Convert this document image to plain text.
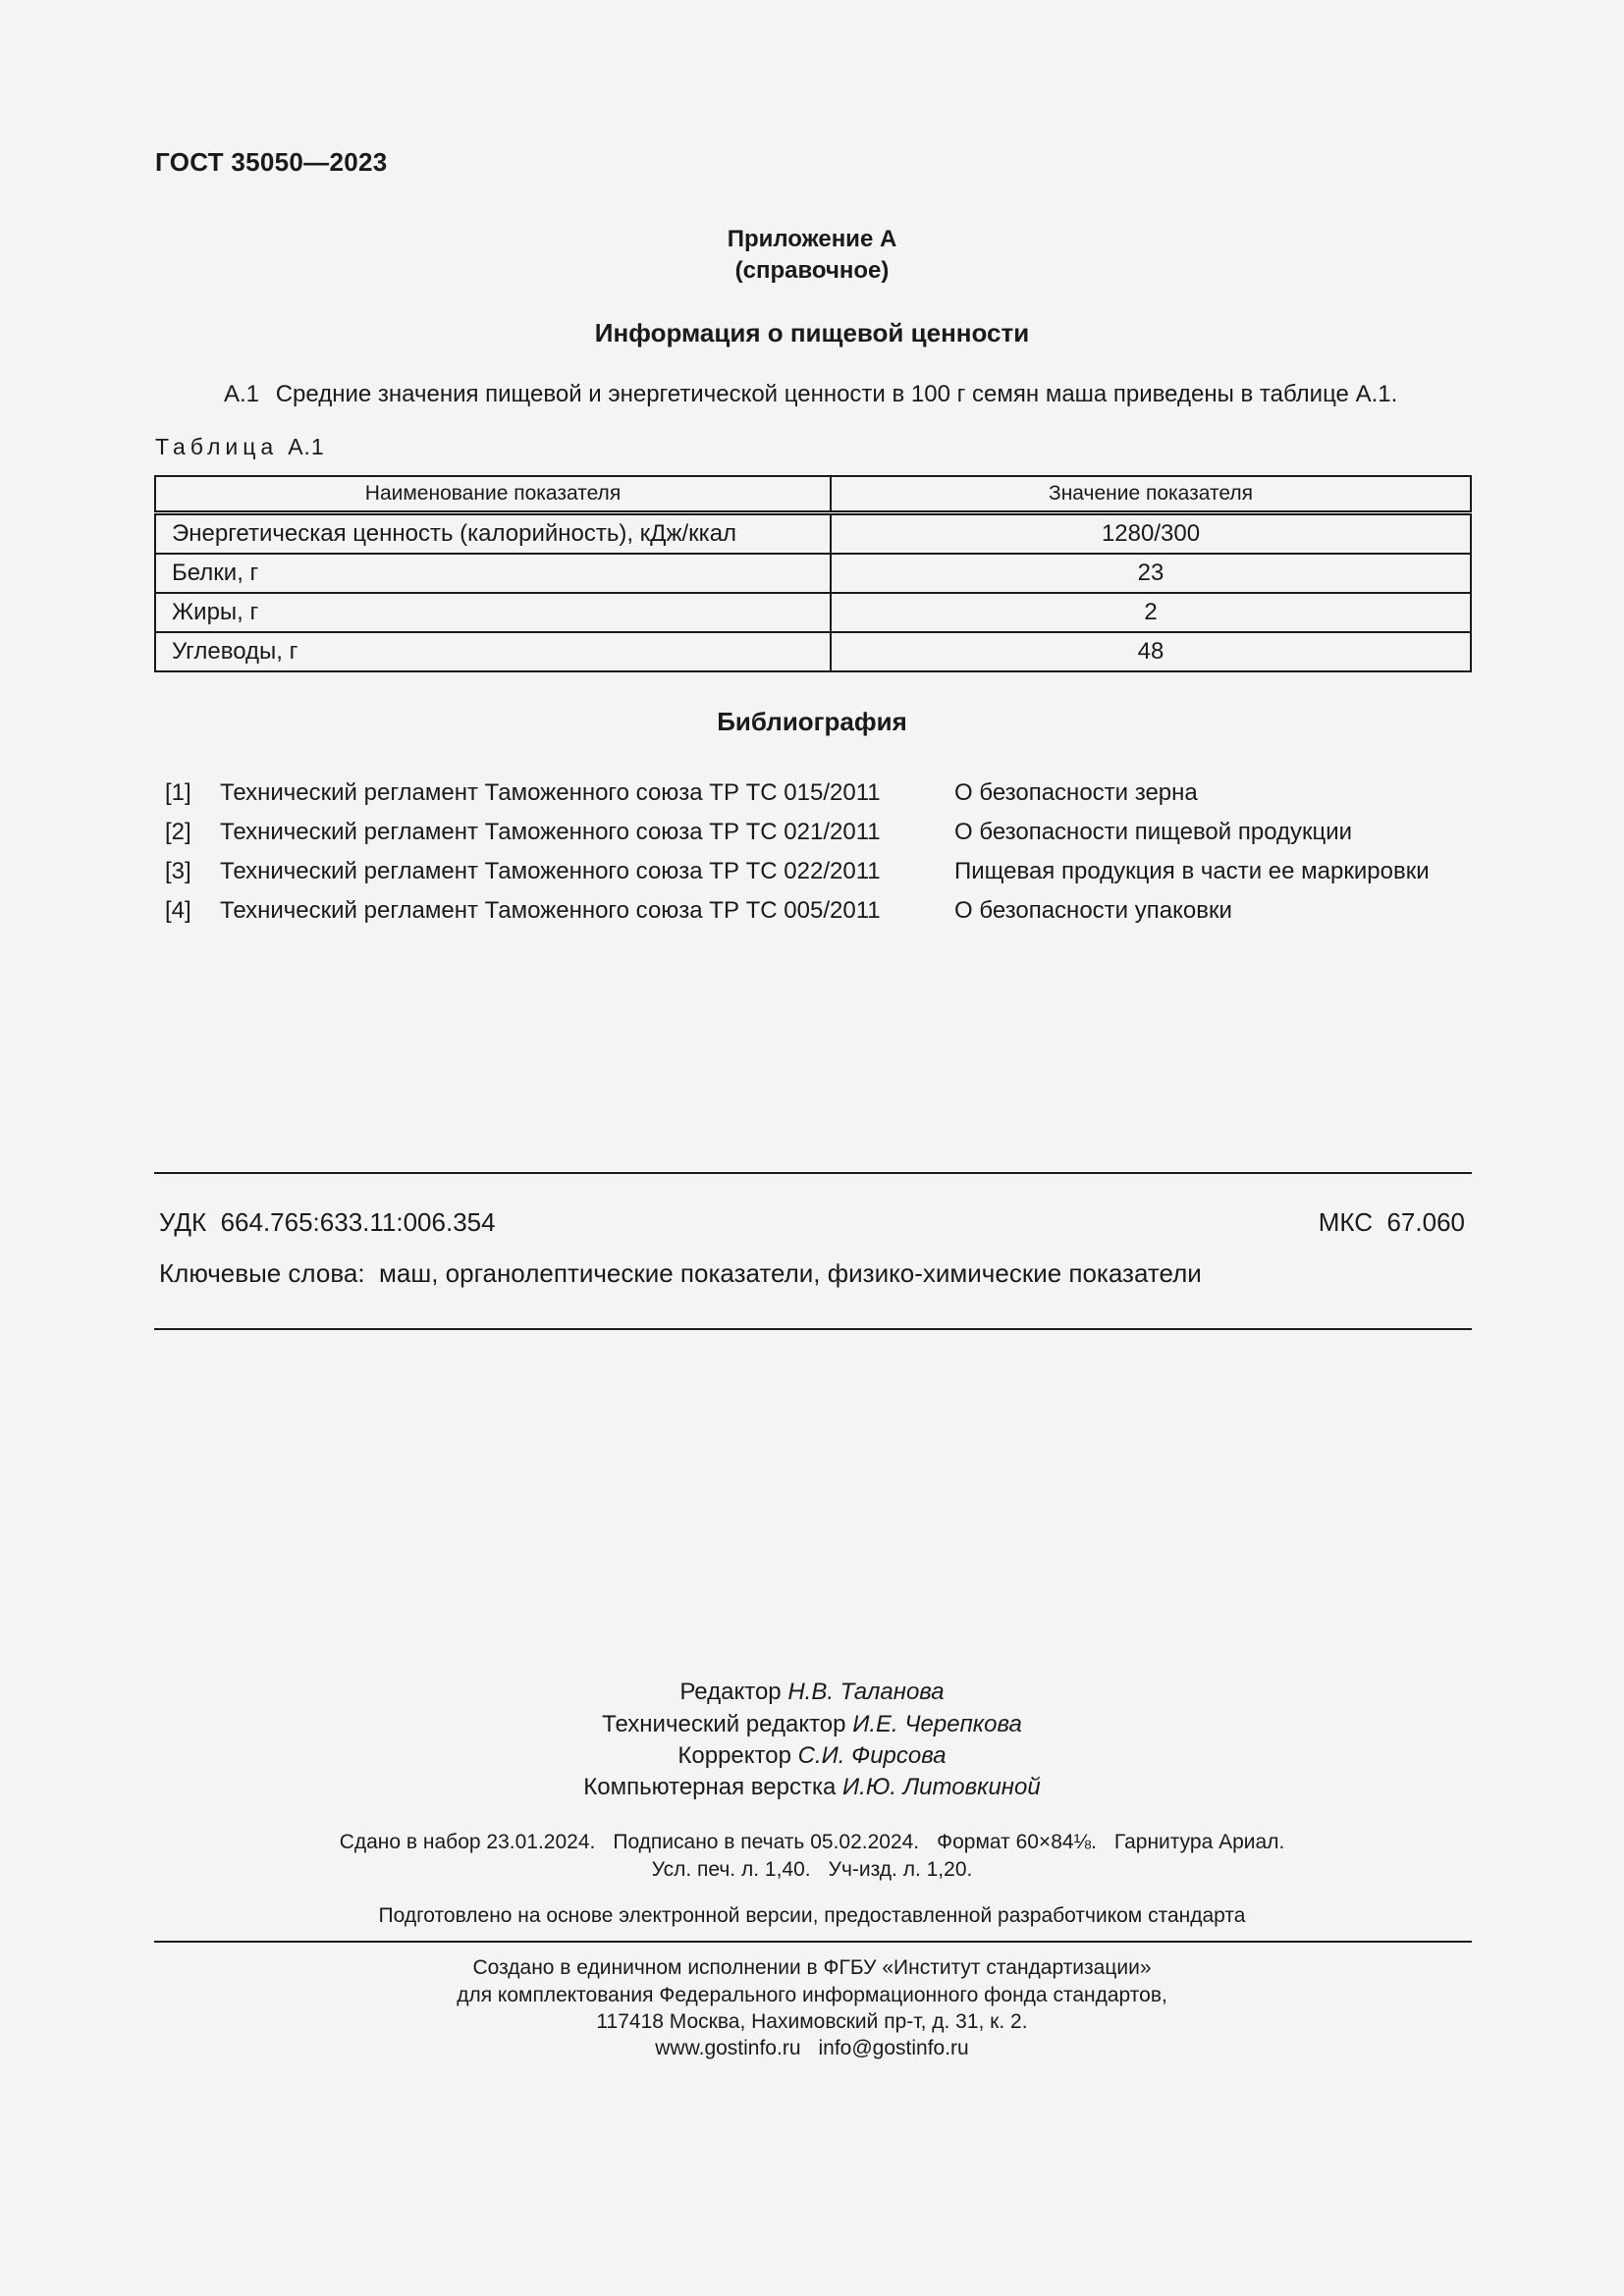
ГОСТ 35050—2023
Приложение А
(справочное)
Информация о пищевой ценности
А.1 Средние значения пищевой и энергетической ценности в 100 г семян маша приведены в таблице А.1.
Таблица А.1
Наименование показателя	Значение показателя
Энергетическая ценность (калорийность), кДж/ккал	1280/300
Белки, г	23
Жиры, г	2
Углеводы, г	48
Библиография
[1] Технический регламент Таможенного союза ТР ТС 015/2011	О безопасности зерна
[2] Технический регламент Таможенного союза ТР ТС 021/2011	О безопасности пищевой продукции
[3] Технический регламент Таможенного союза ТР ТС 022/2011	Пищевая продукция в части ее маркировки
[4] Технический регламент Таможенного союза ТР ТС 005/2011	О безопасности упаковки
УДК 664.765:633.11:006.354	МКС 67.060
Ключевые слова: маш, органолептические показатели, физико-химические показатели
Редактор Н.В. Таланова
Технический редактор И.Е. Черепкова
Корректор С.И. Фирсова
Компьютерная верстка И.Ю. Литовкиной
Сдано в набор 23.01.2024. Подписано в печать 05.02.2024. Формат 60×84⅛. Гарнитура Ариал.
Усл. печ. л. 1,40. Уч-изд. л. 1,20.
Подготовлено на основе электронной версии, предоставленной разработчиком стандарта
Создано в единичном исполнении в ФГБУ «Институт стандартизации»
для комплектования Федерального информационного фонда стандартов,
117418 Москва, Нахимовский пр-т, д. 31, к. 2.
www.gostinfo.ru info@gostinfo.ru
